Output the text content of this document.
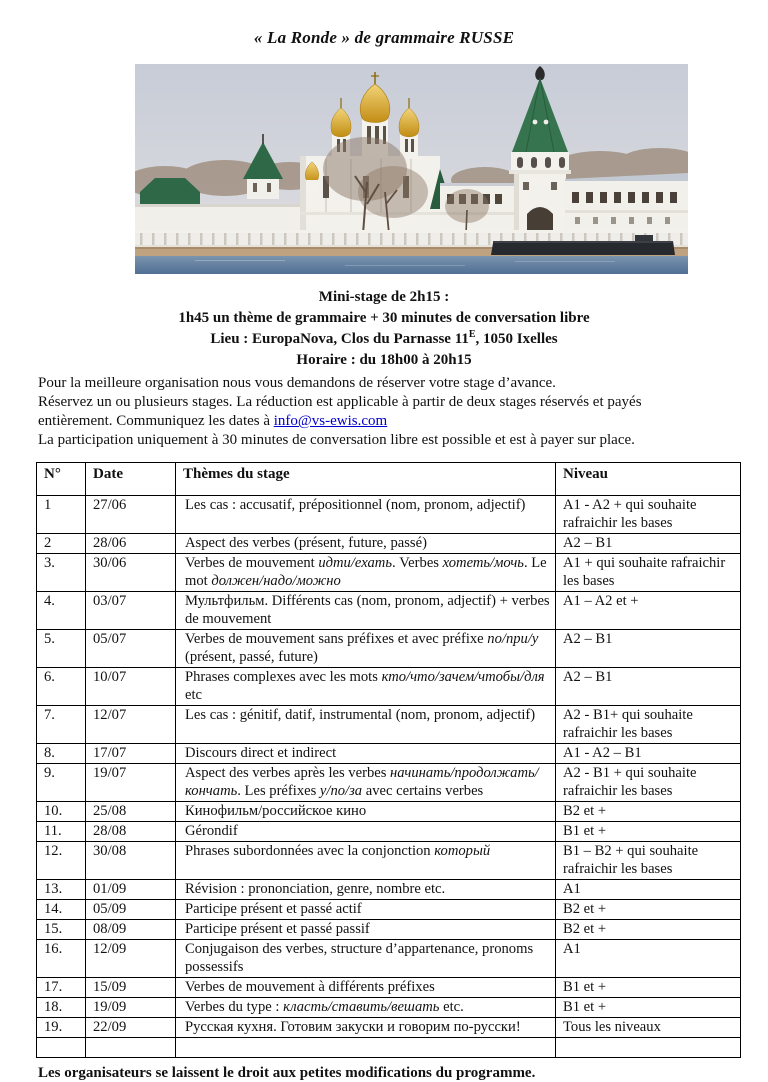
« La Ronde » de grammaire RUSSE
Mini-stage de 2h15 :
1h45 un thème de grammaire + 30 minutes de conversation libre
Lieu : EuropaNova, Clos du Parnasse $11^E$, 1050 Ixelles
Horaire : du 18h00 à 20h15
Pour la meilleure organisation nous vous demandons de réserver votre stage d’avance.
Réservez un ou plusieurs stages. La réduction est applicable à partir de deux stages réservés et payés
entièrement. Communiquez les dates à info@vs-ewis.com
La participation uniquement à 30 minutes de conversation libre est possible et est à payer sur place.
N°	Date	Thèmes du stage	Niveau
1	27/06	Les cas : accusatif, prépositionnel (nom, pronom, adjectif)	A1 - A2 + qui souhaite rafraichir les bases
2	28/06	Aspect des verbes (présent, future, passé)	A2 – B1
3.	30/06	Verbes de mouvement идти/ехать. Verbes хотеть/мочь. Le mot должен/надо/можно	A1 + qui souhaite rafraichir les bases
4.	03/07	Мультфильм. Différents cas (nom, pronom, adjectif) + verbes de mouvement	A1 – A2 et +
5.	05/07	Verbes de mouvement sans préfixes et avec préfixe по/при/у (présent, passé, future)	A2 – B1
6.	10/07	Phrases complexes avec les mots кто/что/зачем/чтобы/для etc	A2 – B1
7.	12/07	Les cas : génitif, datif, instrumental (nom, pronom, adjectif)	A2 - B1+ qui souhaite rafraichir les bases
8.	17/07	Discours direct et indirect	A1 - A2 – B1
9.	19/07	Aspect des verbes après les verbes начинать/продолжать/кончать. Les préfixes у/по/за avec certains verbes	A2 - B1 + qui souhaite rafraichir les bases
10.	25/08	Кинофильм/российское кино	B2 et +
11.	28/08	Gérondif	B1 et +
12.	30/08	Phrases subordonnées avec la conjonction который	B1 – B2 + qui souhaite rafraichir les bases
13.	01/09	Révision : prononciation, genre, nombre etc.	A1
14.	05/09	Participe présent et passé actif	B2 et +
15.	08/09	Participe présent et passé passif	B2 et +
16.	12/09	Conjugaison des verbes, structure d’appartenance, pronoms possessifs	A1
17.	15/09	Verbes de mouvement à différents préfixes	B1 et +
18.	19/09	Verbes du type : класть/ставить/вешать etc.	B1 et +
19.	22/09	Русская кухня. Готовим закуски и говорим по-русски!	Tous les niveaux

Les organisateurs se laissent le droit aux petites modifications du programme.
